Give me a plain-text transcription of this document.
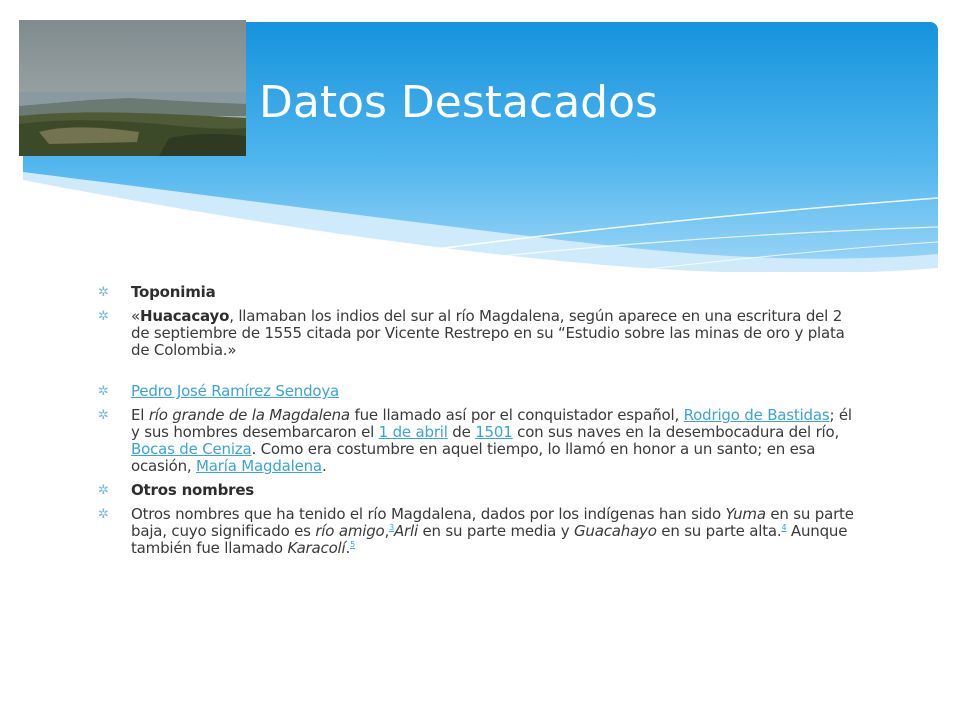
Datos Destacados
✲ Toponimia
✲ «Huacacayo, llamaban los indios del sur al río Magdalena, según aparece en una escritura del 2 de septiembre de 1555 citada por Vicente Restrepo en su “Estudio sobre las minas de oro y plata de Colombia.»
✲ Pedro José Ramírez Sendoya
✲ El río grande de la Magdalena fue llamado así por el conquistador español, Rodrigo de Bastidas; él y sus hombres desembarcaron el 1 de abril de 1501 con sus naves en la desembocadura del río, Bocas de Ceniza. Como era costumbre en aquel tiempo, lo llamó en honor a un santo; en esa ocasión, María Magdalena.
✲ Otros nombres
✲ Otros nombres que ha tenido el río Magdalena, dados por los indígenas han sido Yuma en su parte baja, cuyo significado es río amigo,$^3$Arli en su parte media y Guacahayo en su parte alta.$^4$ Aunque también fue llamado Karacolí.$^5$
